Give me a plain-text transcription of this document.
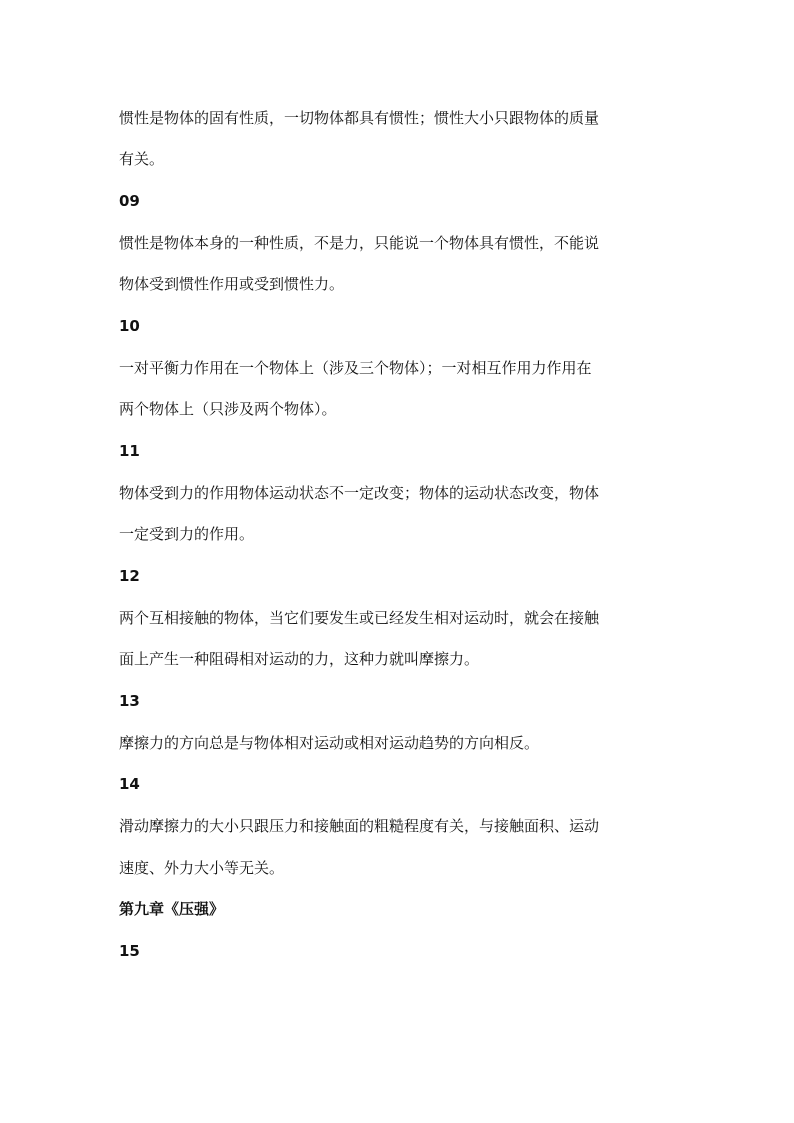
惯性是物体的固有性质，一切物体都具有惯性；惯性大小只跟物体的质量

有关。

09

惯性是物体本身的一种性质，不是力，只能说一个物体具有惯性，不能说

物体受到惯性作用或受到惯性力。

10

一对平衡力作用在一个物体上（涉及三个物体）；一对相互作用力作用在

两个物体上（只涉及两个物体）。

11

物体受到力的作用物体运动状态不一定改变；物体的运动状态改变，物体

一定受到力的作用。

12

两个互相接触的物体，当它们要发生或已经发生相对运动时，就会在接触

面上产生一种阻碍相对运动的力，这种力就叫摩擦力。

13

摩擦力的方向总是与物体相对运动或相对运动趋势的方向相反。

14

滑动摩擦力的大小只跟压力和接触面的粗糙程度有关，与接触面积、运动

速度、外力大小等无关。

第九章《压强》

15
